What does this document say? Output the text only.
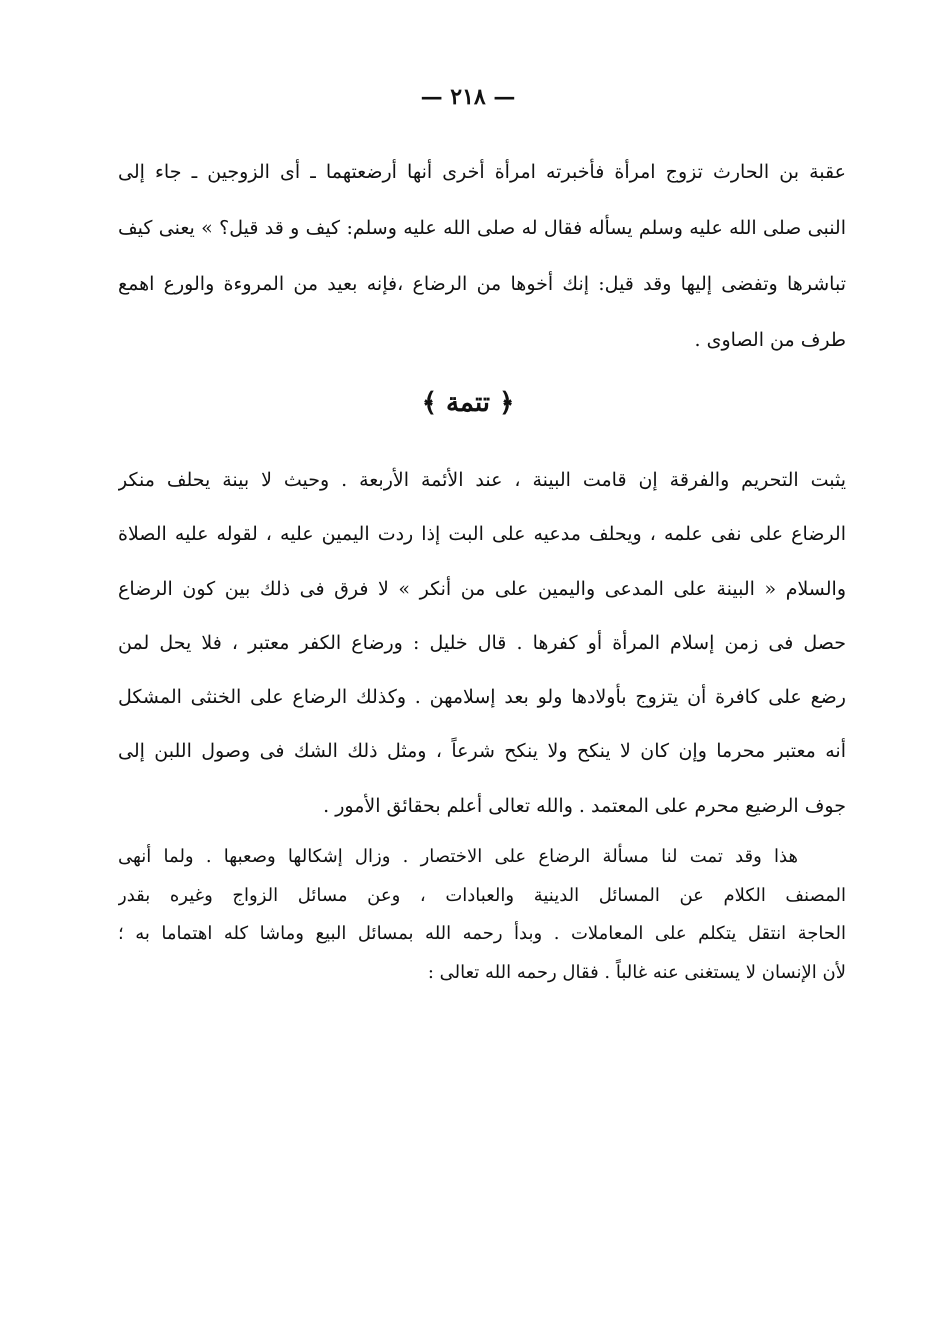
— ٢١٨ —
عقبة بن الحارث تزوج امرأة فأخبرته امرأة أخرى أنها أرضعتهما ـ أى الزوجين ـ جاء إلى
النبى صلى الله عليه وسلم يسأله فقال له صلى الله عليه وسلم: كيف و قد قيل؟ » يعنى كيف
تباشرها وتفضى إليها وقد قيل: إنك أخوها من الرضاع ،فإنه بعيد من المروءة والورع اهمع
طرف من الصاوى .
﴿ تتمة ﴾
يثبت التحريم والفرقة إن قامت البينة ، عند الأئمة الأربعة . وحيث لا بينة يحلف منكر
الرضاع على نفى علمه ، ويحلف مدعيه على البت إذا ردت اليمين عليه ، لقوله عليه الصلاة
والسلام « البينة على المدعى واليمين على من أنكر » لا فرق فى ذلك بين كون الرضاع
حصل فى زمن إسلام المرأة أو كفرها . قال خليل : ورضاع الكفر معتبر ، فلا يحل لمن
رضع على كافرة أن يتزوج بأولادها ولو بعد إسلامهن . وكذلك الرضاع على الخنثى المشكل
أنه معتبر محرما وإن كان لا ينكح ولا ينكح شرعاً ، ومثل ذلك الشك فى وصول اللبن إلى
جوف الرضيع محرم على المعتمد . والله تعالى أعلم بحقائق الأمور .
هذا وقد تمت لنا مسألة الرضاع على الاختصار . وزال إشكالها وصعبها . ولما أنهى
المصنف الكلام عن المسائل الدينية والعبادات ، وعن مسائل الزواج وغيره بقدر
الحاجة انتقل يتكلم على المعاملات . وبدأ رحمه الله بمسائل البيع وماشا كله اهتماما به ؛
لأن الإنسان لا يستغنى عنه غالباً . فقال رحمه الله تعالى :
